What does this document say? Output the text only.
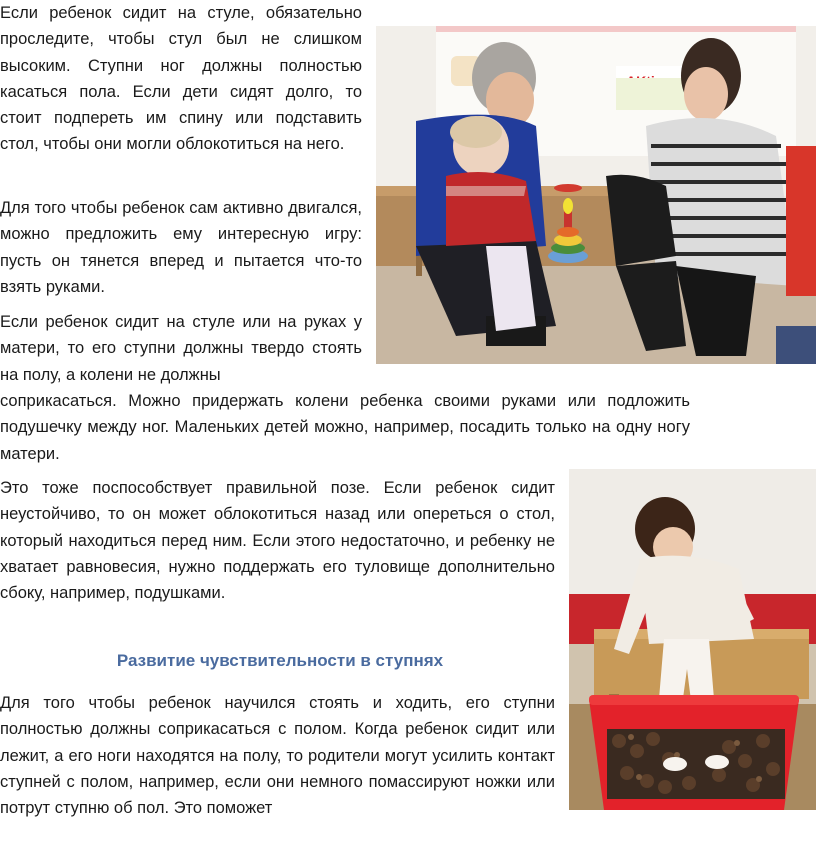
Если ребенок сидит на стуле, обязательно проследите, чтобы стул был не слишком высоким. Ступни ног должны полностью касаться пола. Если дети сидят долго, то стоит подпереть им спину или подставить стол, чтобы они могли облокотиться на него.

Для того чтобы ребенок сам активно двигался, можно предложить ему интересную игру: пусть он тянется вперед и пытается что-то взять руками.

Если ребенок сидит на стуле или на руках у матери, то его ступни должны твердо стоять на полу, а колени не должны

соприкасаться. Можно придержать колени ребенка своими руками или подложить подушечку между ног. Маленьких детей можно, например, посадить только на одну ногу матери.

Это тоже поспособствует правильной позе. Если ребенок сидит неустойчиво, то он может облокотиться назад или опереться о стол, который находиться перед ним. Если этого недостаточно, и ребенку не хватает равновесия, нужно поддержать его туловище дополнительно сбоку, например, подушками.

Развитие чувствительности в ступнях

Для того чтобы ребенок научился стоять и ходить, его ступни полностью должны соприкасаться с полом. Когда ребенок сидит или лежит, а его ноги находятся на полу, то родители могут усилить контакт ступней с полом, например, если они немного помассируют ножки или потрут ступню об пол. Это поможет
